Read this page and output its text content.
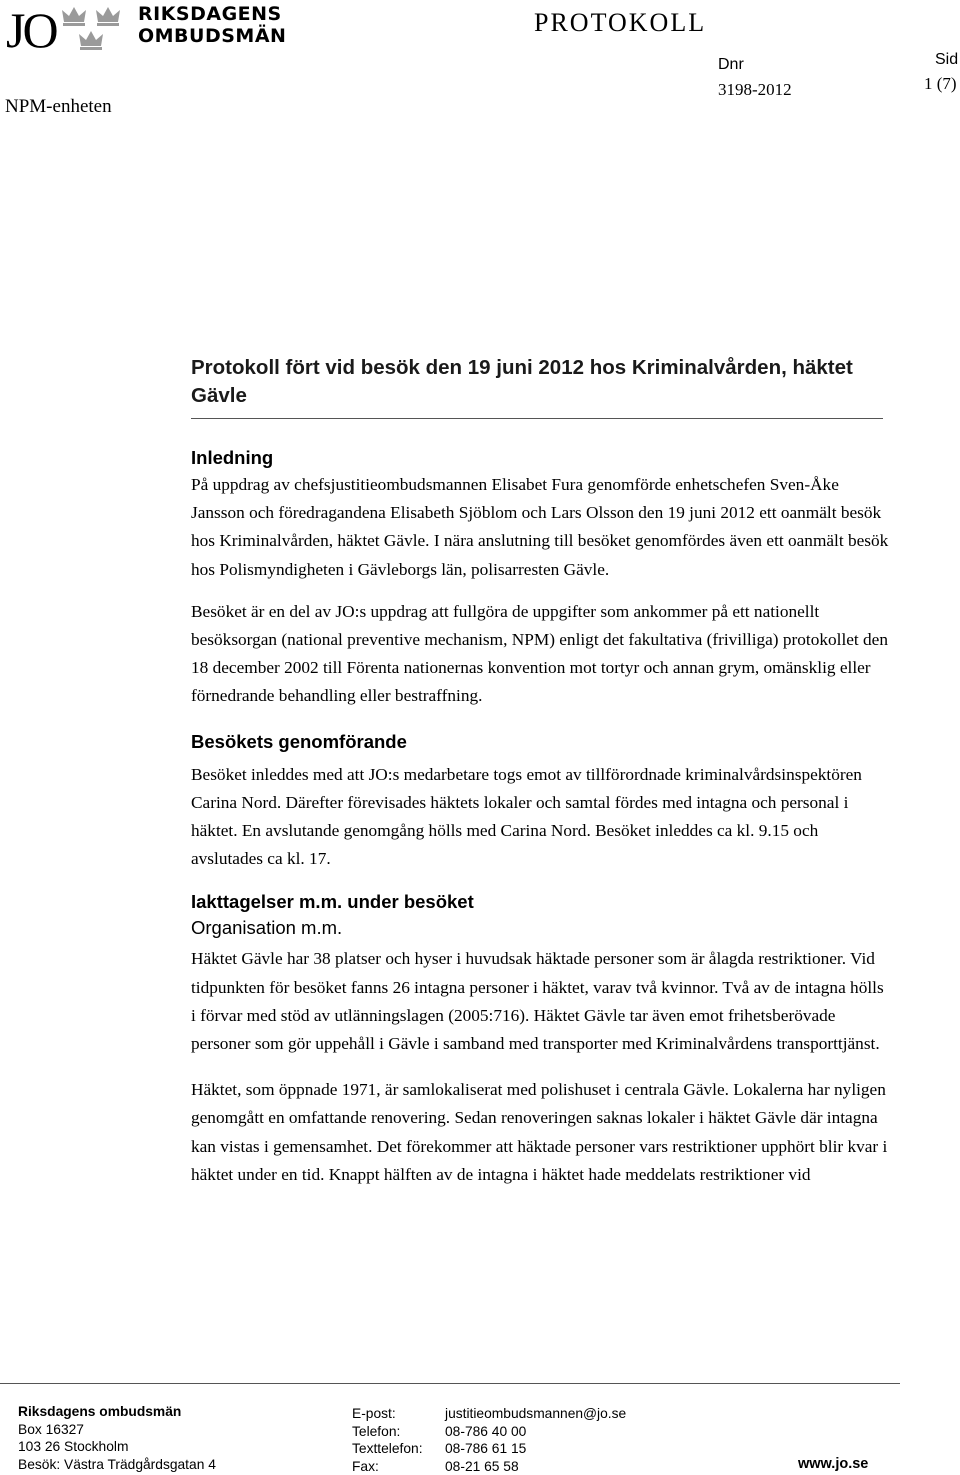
JO	RIKSDAGENS
OMBUDSMÄN
NPM-enheten
PROTOKOLL
Dnr
3198-2012
Sid
1 (7)
Protokoll fört vid besök den 19 juni 2012 hos Kriminalvården, häktet Gävle
Inledning

På uppdrag av chefsjustitieombudsmannen Elisabet Fura genomförde enhetschefen Sven-Åke Jansson och föredragandena Elisabeth Sjöblom och Lars Olsson den 19 juni 2012 ett oanmält besök hos Kriminalvården, häktet Gävle. I nära anslutning till besöket genomfördes även ett oanmält besök hos Polismyndigheten i Gävleborgs län, polisarresten Gävle.

Besöket är en del av JO:s uppdrag att fullgöra de uppgifter som ankommer på ett nationellt besöksorgan (national preventive mechanism, NPM) enligt det fakultativa (frivilliga) protokollet den 18 december 2002 till Förenta nationernas konvention mot tortyr och annan grym, omänsklig eller förnedrande behandling eller bestraffning.

Besökets genomförande

Besöket inleddes med att JO:s medarbetare togs emot av tillförordnade kriminalvårdsinspektören Carina Nord. Därefter förevisades häktets lokaler och samtal fördes med intagna och personal i häktet. En avslutande genomgång hölls med Carina Nord. Besöket inleddes ca kl. 9.15 och avslutades ca kl. 17.

Iakttagelser m.m. under besöket
Organisation m.m.

Häktet Gävle har 38 platser och hyser i huvudsak häktade personer som är ålagda restriktioner. Vid tidpunkten för besöket fanns 26 intagna personer i häktet, varav två kvinnor. Två av de intagna hölls i förvar med stöd av utlänningslagen (2005:716). Häktet Gävle tar även emot frihetsberövade personer som gör uppehåll i Gävle i samband med transporter med Kriminalvårdens transporttjänst.

Häktet, som öppnade 1971, är samlokaliserat med polishuset i centrala Gävle. Lokalerna har nyligen genomgått en omfattande renovering. Sedan renoveringen saknas lokaler i häktet Gävle där intagna kan vistas i gemensamhet. Det förekommer att häktade personer vars restriktioner upphört blir kvar i häktet under en tid. Knappt hälften av de intagna i häktet hade meddelats restriktioner vid

Riksdagens ombudsmän
Box 16327
103 26 Stockholm
Besök: Västra Trädgårdsgatan 4
E-post:
Telefon:
Texttelefon:
Fax:
justitieombudsmannen@jo.se
08-786 40 00
08-786 61 15
08-21 65 58	www.jo.se
